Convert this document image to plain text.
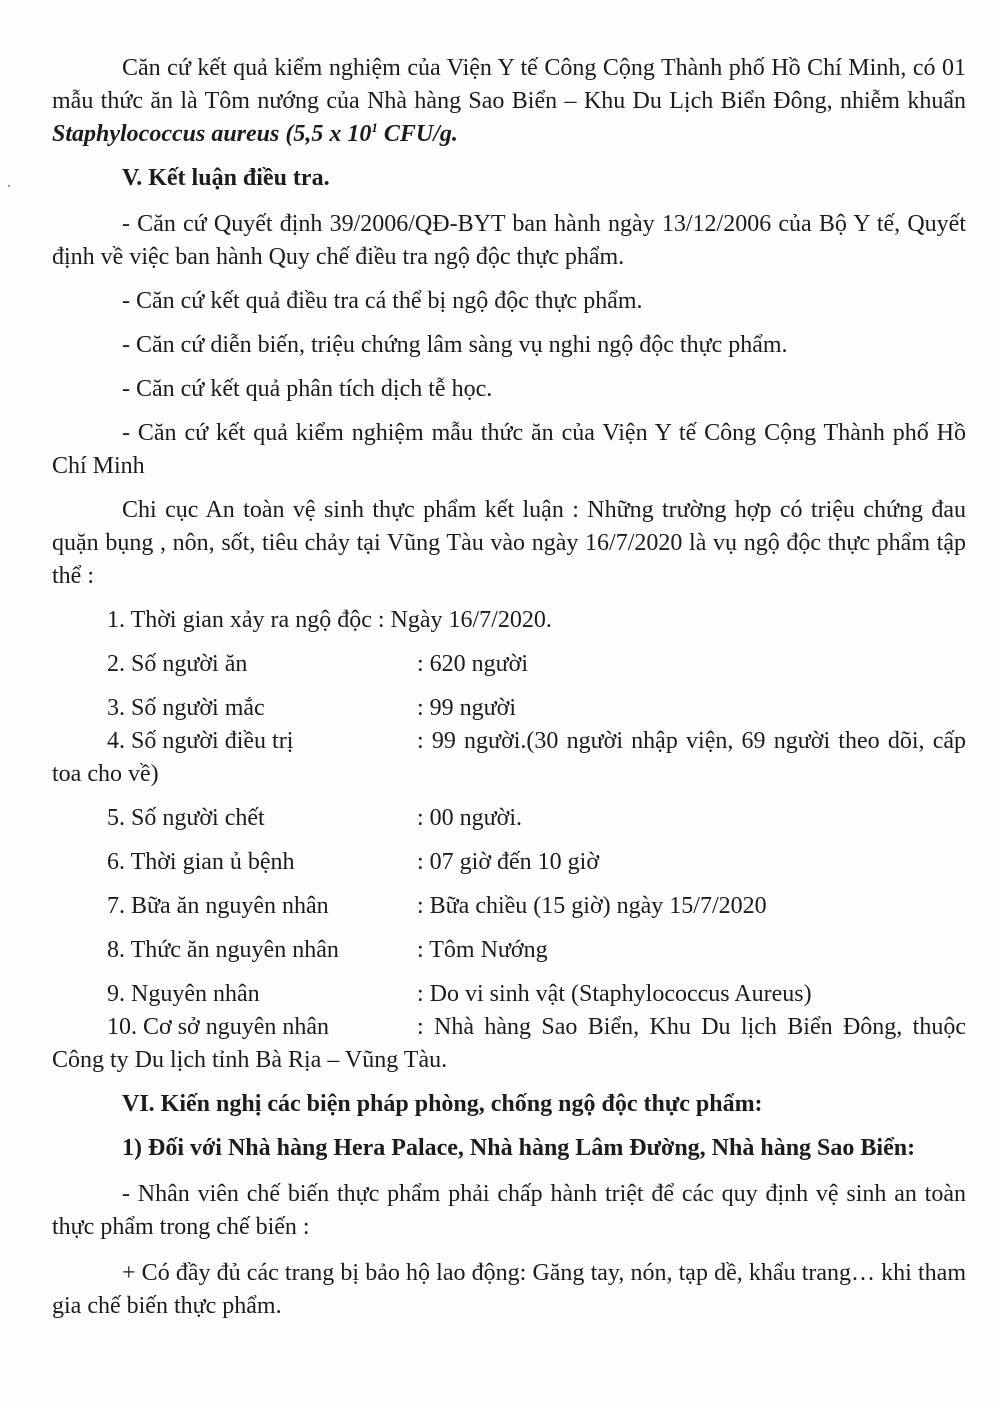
Căn cứ kết quả kiểm nghiệm của Viện Y tế Công Cộng Thành phố Hồ Chí Minh, có 01 mẫu thức ăn là Tôm nướng của Nhà hàng Sao Biển – Khu Du Lịch Biển Đông, nhiễm khuẩn Staphylococcus aureus (5,5 x $10^1$ CFU/g.

V. Kết luận điều tra.

- Căn cứ Quyết định 39/2006/QĐ-BYT ban hành ngày 13/12/2006 của Bộ Y tế, Quyết định về việc ban hành Quy chế điều tra ngộ độc thực phẩm.

- Căn cứ kết quả điều tra cá thể bị ngộ độc thực phẩm.

- Căn cứ diễn biến, triệu chứng lâm sàng vụ nghi ngộ độc thực phẩm.

- Căn cứ kết quả phân tích dịch tễ học.

- Căn cứ kết quả kiểm nghiệm mẫu thức ăn của Viện Y tế Công Cộng Thành phố Hồ Chí Minh

Chi cục An toàn vệ sinh thực phẩm kết luận : Những trường hợp có triệu chứng đau quặn bụng , nôn, sốt, tiêu chảy tại Vũng Tàu vào ngày 16/7/2020 là vụ ngộ độc thực phẩm tập thể :

1. Thời gian xảy ra ngộ độc : Ngày 16/7/2020.

2. Số người ăn	: 620 người
3. Số người mắc	: 99 người

4. Số người điều trị	: 99 người.(30 người nhập viện, 69 người theo dõi, cấp toa cho về)

5. Số người chết	: 00 người.
6. Thời gian ủ bệnh	: 07 giờ đến 10 giờ
7. Bữa ăn nguyên nhân	: Bữa chiều (15 giờ) ngày 15/7/2020
8. Thức ăn nguyên nhân	: Tôm Nướng
9. Nguyên nhân	: Do vi sinh vật (Staphylococcus Aureus)

10. Cơ sở nguyên nhân	: Nhà hàng Sao Biển, Khu Du lịch Biển Đông, thuộc Công ty Du lịch tỉnh Bà Rịa – Vũng Tàu.

VI. Kiến nghị các biện pháp phòng, chống ngộ độc thực phẩm:

1) Đối với Nhà hàng Hera Palace, Nhà hàng Lâm Đường, Nhà hàng Sao Biển:

- Nhân viên chế biến thực phẩm phải chấp hành triệt để các quy định vệ sinh an toàn thực phẩm trong chế biến :

+ Có đầy đủ các trang bị bảo hộ lao động: Găng tay, nón, tạp dề, khẩu trang… khi tham gia chế biến thực phẩm.
